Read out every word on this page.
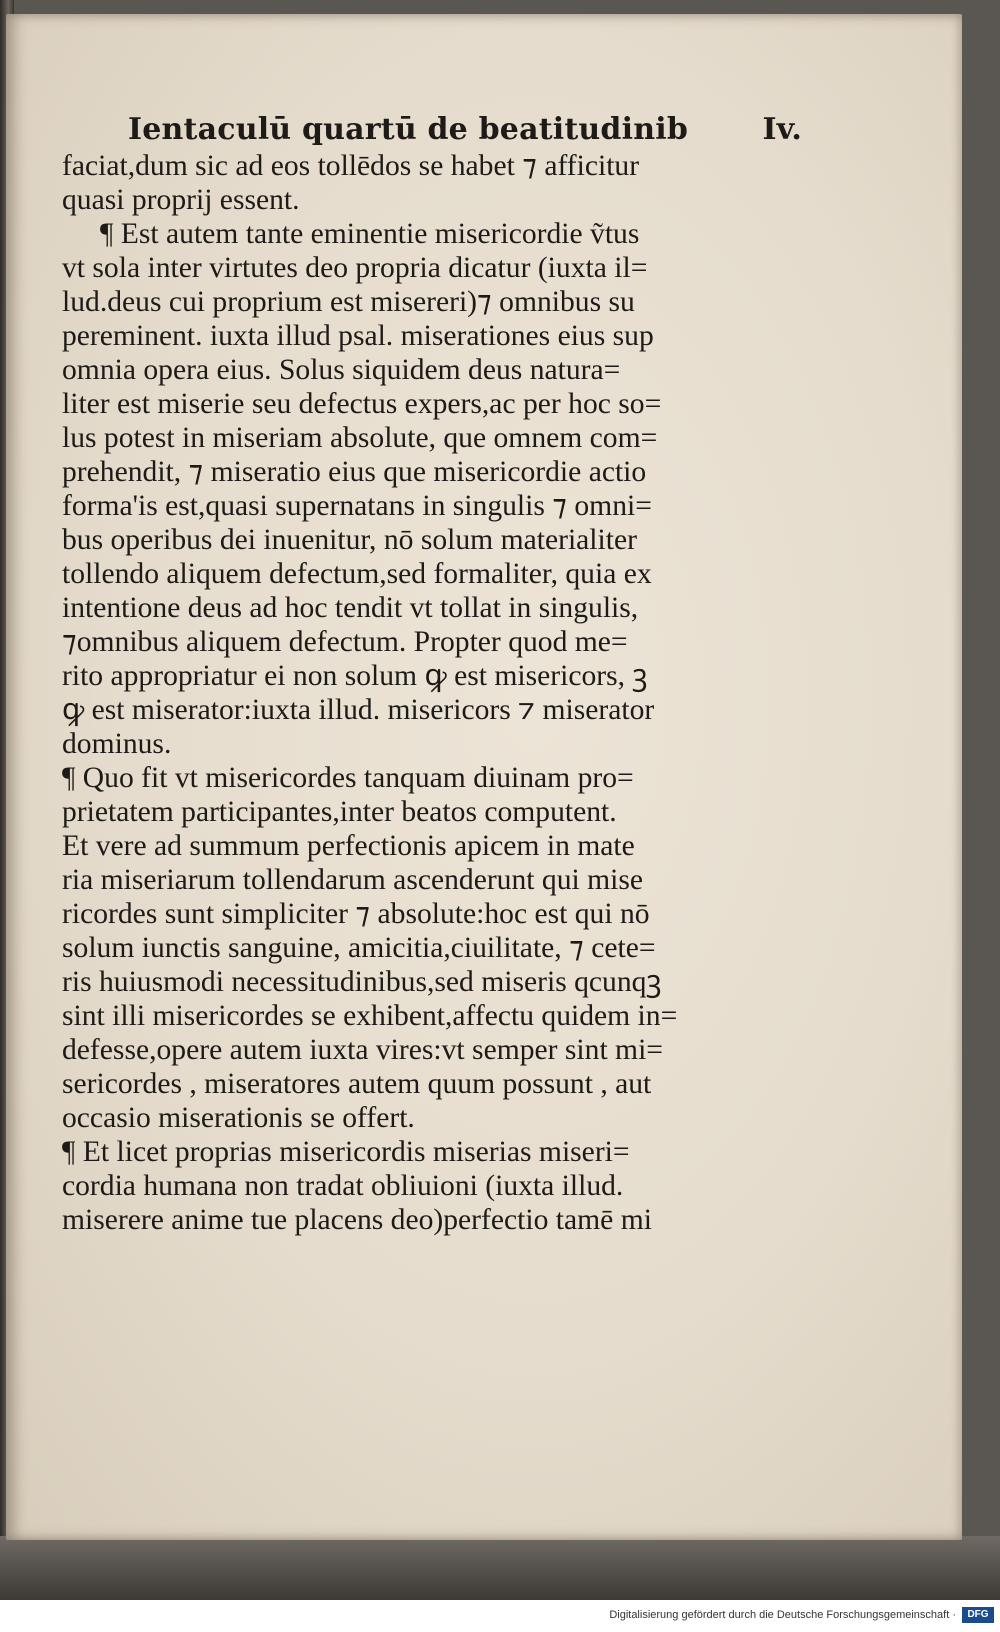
Ientaculū quartū de beatitudinib Iv.

faciat,dum sic ad eos tollēdos se habet ⁊ afficitur
quasi proprij essent.
¶ Est autem tante eminentie misericordie ṽtus
vt sola inter virtutes deo propria dicatur (iuxta il=
lud.deus cui proprium est misereri)⁊ omnibus su
pereminent. iuxta illud psal. miserationes eius sup
omnia opera eius. Solus siquidem deus natura=
liter est miserie seu defectus expers,ac per hoc so=
lus potest in miseriam absolute, que omnem com=
prehendit, ⁊ miseratio eius que misericordie actio
forma'is est,quasi supernatans in singulis ⁊ omni=
bus operibus dei inuenitur, nō solum materialiter
tollendo aliquem defectum,sed formaliter, quia ex
intentione deus ad hoc tendit vt tollat in singulis,
⁊omnibus aliquem defectum. Propter quod me=
rito appropriatur ei non solum ꝙ est misericors, ꝫ
ꝙ est miserator:iuxta illud. misericors ⁊ miserator
dominus.
¶ Quo fit vt misericordes tanquam diuinam pro=
prietatem participantes,inter beatos computent.
Et vere ad summum perfectionis apicem in mate
ria miseriarum tollendarum ascenderunt qui mise
ricordes sunt simpliciter ⁊ absolute:hoc est qui nō
solum iunctis sanguine, amicitia,ciuilitate, ⁊ cete=
ris huiusmodi necessitudinibus,sed miseris qcunqꝫ
sint illi misericordes se exhibent,affectu quidem in=
defesse,opere autem iuxta vires:vt semper sint mi=
sericordes , miseratores autem quum possunt , aut
occasio miserationis se offert.
¶ Et licet proprias misericordis miserias miseri=
cordia humana non tradat obliuioni (iuxta illud.
miserere anime tue placens deo)perfectio tamē mi

Digitalisierung gefördert durch die Deutsche Forschungsgemeinschaft ·	DFG
